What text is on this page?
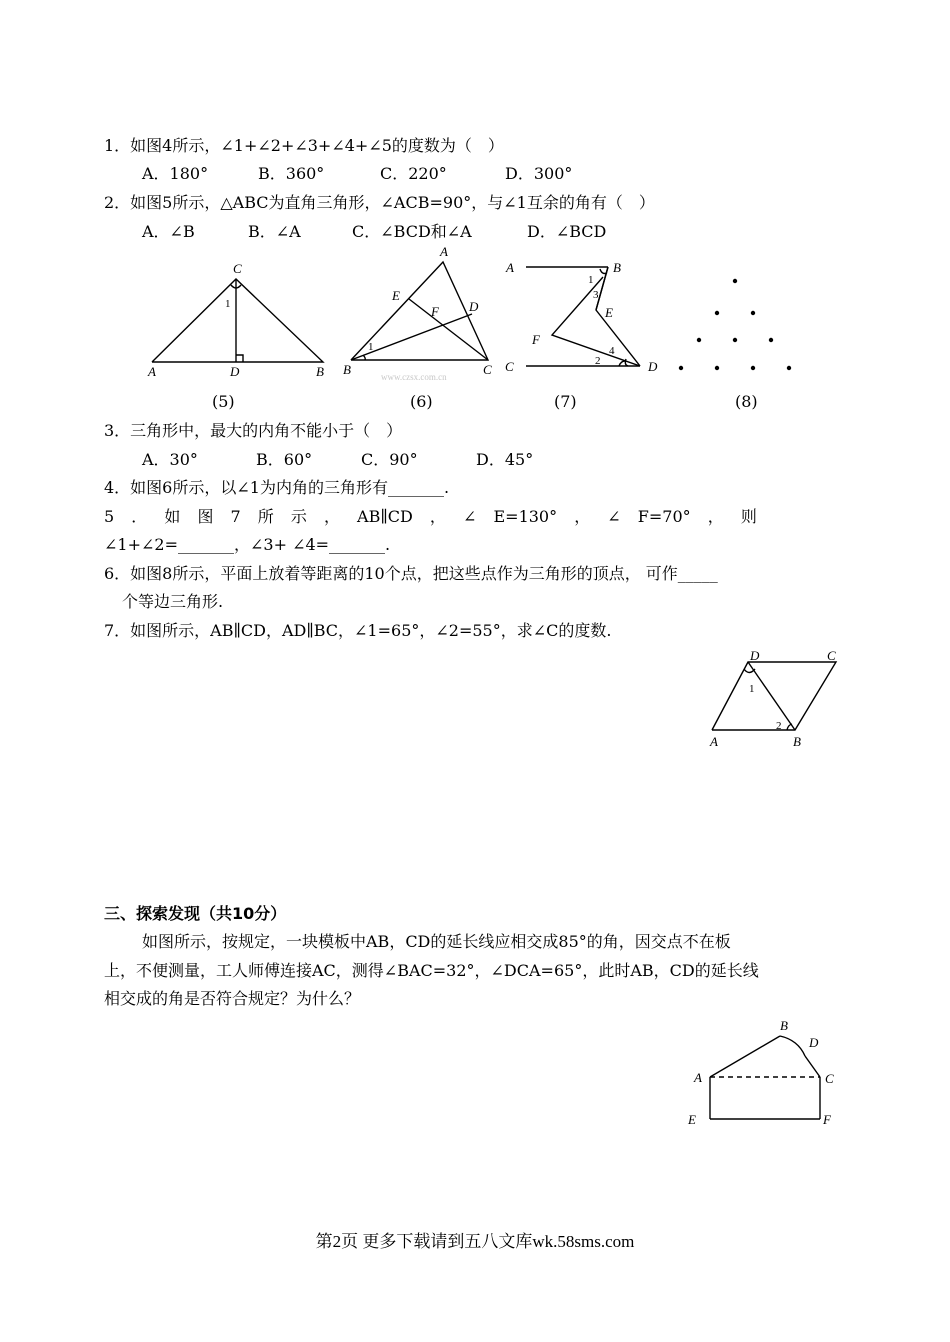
1．如图4所示，∠1+∠2+∠3+∠4+∠5的度数为（　）
A．180°	B．360°	C．220°	D．300°
2．如图5所示，△ABC为直角三角形，∠ACB=90°，与∠1互余的角有（　）
A．∠B	B．∠A	C．∠BCD和∠A	D．∠BCD
C
1
A	D	B
A
E
D
F
1
B	C
www.czsx.com.cn
A	B
1
3
E
F
C	2
4
D
(5)	(6)	(7)	(8)
3．三角形中，最大的内角不能小于（　）
A．30°	B．60°	C．90°	D．45°
4．如图6所示，以∠1为内角的三角形有_______.
5 ． 如 图 7 所 示 ， AB∥CD ， ∠ E=130° ， ∠ F=70° ， 则
∠1+∠2=_______，∠3+ ∠4=_______.
6．如图8所示，平面上放着等距离的10个点，把这些点作为三角形的顶点， 可作_____
个等边三角形.
7．如图所示，AB∥CD，AD∥BC，∠1=65°，∠2=55°，求∠C的度数.
D	C
1
2
A	B
三、探索发现（共10分）
如图所示，按规定，一块模板中AB，CD的延长线应相交成85°的角，因交点不在板
上，不便测量，工人师傅连接AC，测得∠BAC=32°，∠DCA=65°，此时AB，CD的延长线
相交成的角是否符合规定？为什么？
B
D
A	C
E	F
第2页 更多下载请到五八文库wk.58sms.com
